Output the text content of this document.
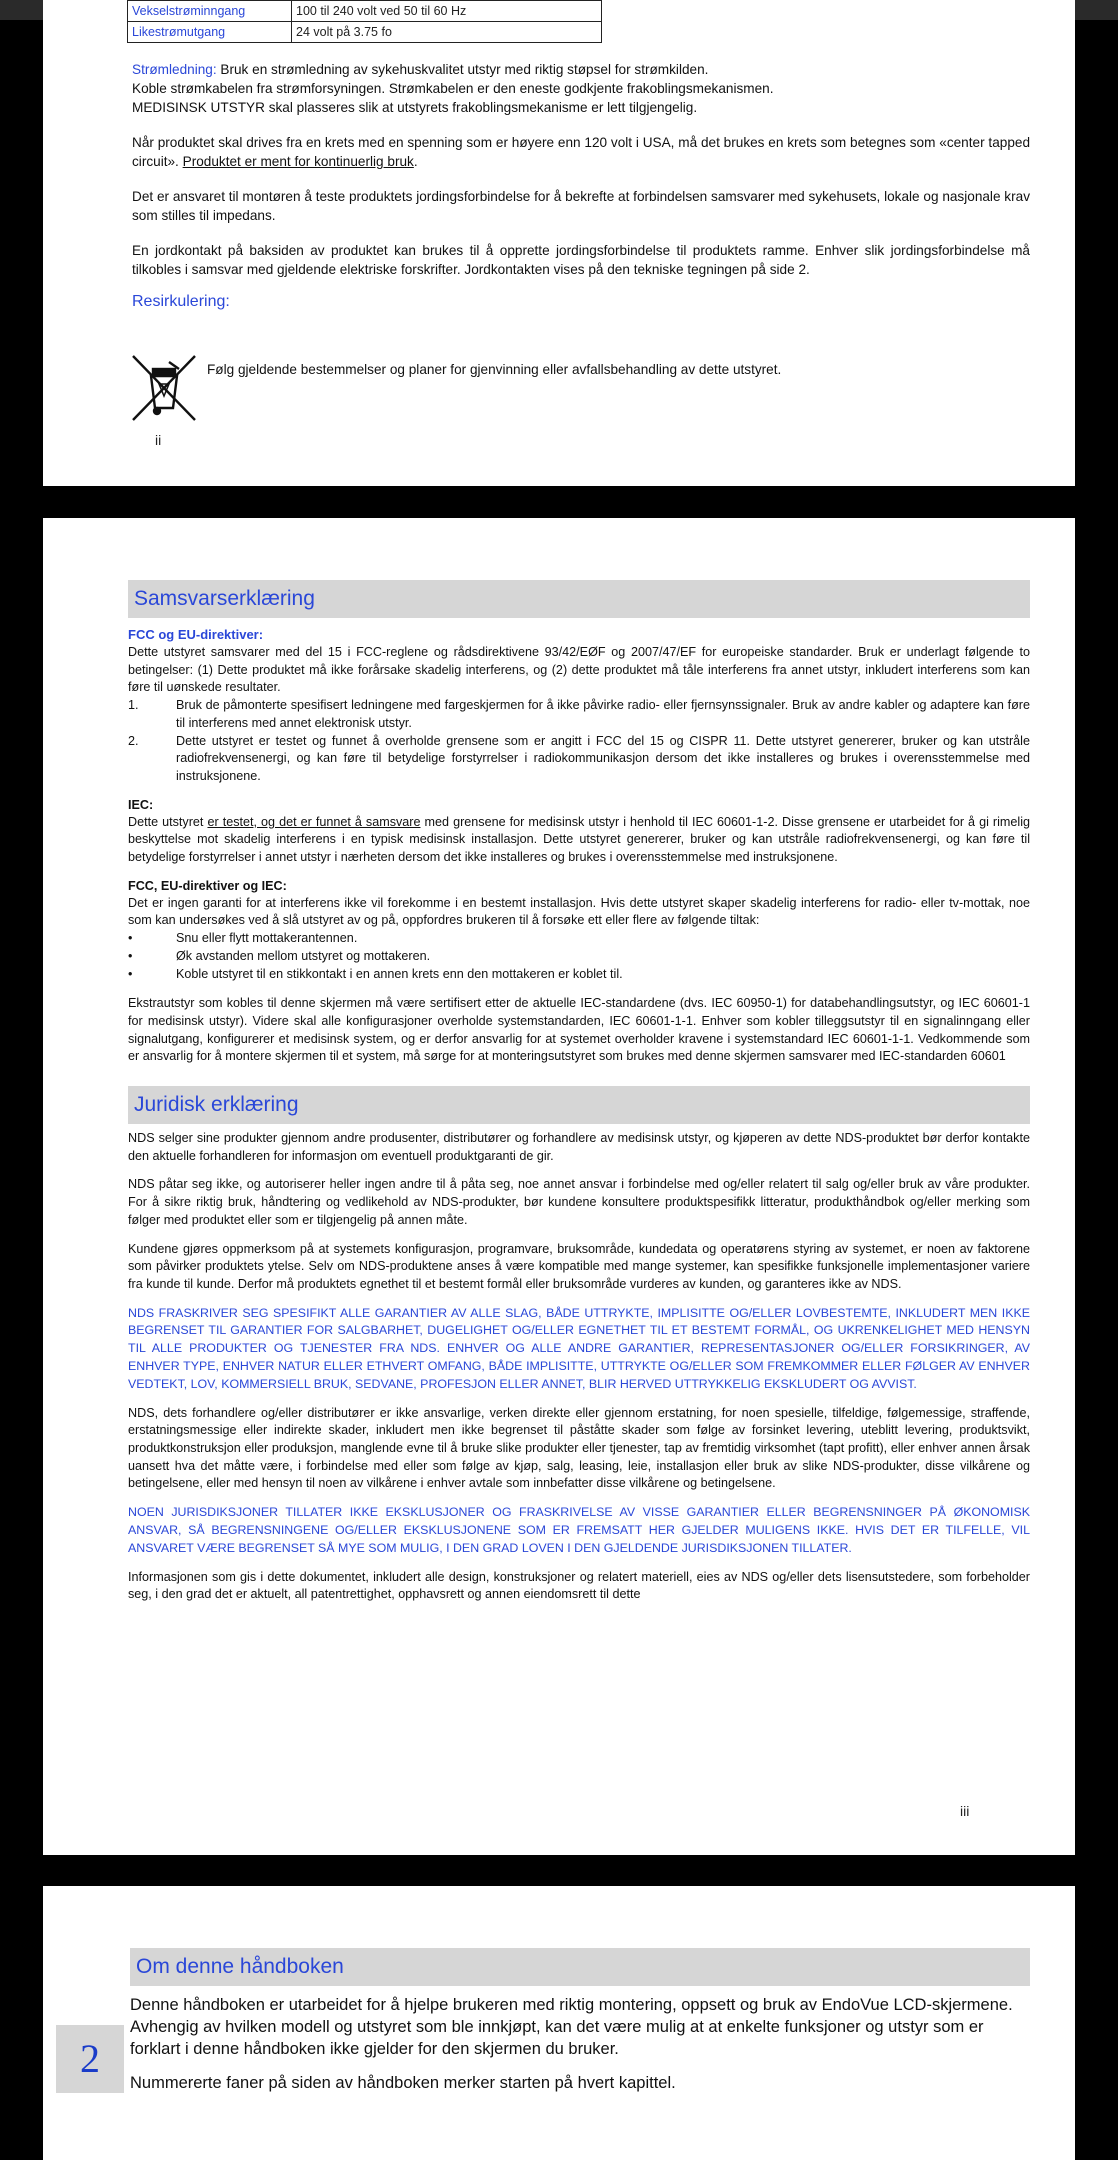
Vekselstrøminngang	100 til 240 volt ved 50 til 60 Hz
Likestrømutgang	24 volt på 3.75 fo

Strømledning: Bruk en strømledning av sykehuskvalitet utstyr med riktig støpsel for strømkilden.
Koble strømkabelen fra strømforsyningen. Strømkabelen er den eneste godkjente frakoblingsmekanismen.
MEDISINSK UTSTYR skal plasseres slik at utstyrets frakoblingsmekanisme er lett tilgjengelig.

Når produktet skal drives fra en krets med en spenning som er høyere enn 120 volt i USA, må det brukes en krets som betegnes som «center tapped circuit». Produktet er ment for kontinuerlig bruk.

Det er ansvaret til montøren å teste produktets jordingsforbindelse for å bekrefte at forbindelsen samsvarer med sykehusets, lokale og nasjonale krav som stilles til impedans.

En jordkontakt på baksiden av produktet kan brukes til å opprette jordingsforbindelse til produktets ramme. Enhver slik jordingsforbindelse må tilkobles i samsvar med gjeldende elektriske forskrifter. Jordkontakten vises på den tekniske tegningen på side 2.

Resirkulering:

Følg gjeldende bestemmelser og planer for gjenvinning eller avfallsbehandling av dette utstyret.

ii
Samsvarserklæring
FCC og EU-direktiver:

Dette utstyret samsvarer med del 15 i FCC-reglene og rådsdirektivene 93/42/EØF og 2007/47/EF for europeiske standarder. Bruk er underlagt følgende to betingelser: (1) Dette produktet må ikke forårsake skadelig interferens, og (2) dette produktet må tåle interferens fra annet utstyr, inkludert interferens som kan føre til uønskede resultater.

1.	Bruk de påmonterte spesifisert ledningene med fargeskjermen for å ikke påvirke radio- eller fjernsynssignaler. Bruk av andre kabler og adaptere kan føre til interferens med annet elektronisk utstyr.
2.	Dette utstyret er testet og funnet å overholde grensene som er angitt i FCC del 15 og CISPR 11. Dette utstyret genererer, bruker og kan utstråle radiofrekvensenergi, og kan føre til betydelige forstyrrelser i radiokommunikasjon dersom det ikke installeres og brukes i overensstemmelse med instruksjonene.
IEC:

Dette utstyret er testet, og det er funnet å samsvare med grensene for medisinsk utstyr i henhold til IEC 60601-1-2. Disse grensene er utarbeidet for å gi rimelig beskyttelse mot skadelig interferens i en typisk medisinsk installasjon. Dette utstyret genererer, bruker og kan utstråle radiofrekvensenergi, og kan føre til betydelige forstyrrelser i annet utstyr i nærheten dersom det ikke installeres og brukes i overensstemmelse med instruksjonene.

FCC, EU-direktiver og IEC:

Det er ingen garanti for at interferens ikke vil forekomme i en bestemt installasjon. Hvis dette utstyret skaper skadelig interferens for radio- eller tv-mottak, noe som kan undersøkes ved å slå utstyret av og på, oppfordres brukeren til å forsøke ett eller flere av følgende tiltak:

•	Snu eller flytt mottakerantennen.
•	Øk avstanden mellom utstyret og mottakeren.
•	Koble utstyret til en stikkontakt i en annen krets enn den mottakeren er koblet til.

Ekstrautstyr som kobles til denne skjermen må være sertifisert etter de aktuelle IEC-standardene (dvs. IEC 60950-1) for databehandlingsutstyr, og IEC 60601-1 for medisinsk utstyr). Videre skal alle konfigurasjoner overholde systemstandarden, IEC 60601-1-1. Enhver som kobler tilleggsutstyr til en signalinngang eller signalutgang, konfigurerer et medisinsk system, og er derfor ansvarlig for at systemet overholder kravene i systemstandard IEC 60601-1-1. Vedkommende som er ansvarlig for å montere skjermen til et system, må sørge for at monteringsutstyret som brukes med denne skjermen samsvarer med IEC-standarden 60601

Juridisk erklæring

NDS selger sine produkter gjennom andre produsenter, distributører og forhandlere av medisinsk utstyr, og kjøperen av dette NDS-produktet bør derfor kontakte den aktuelle forhandleren for informasjon om eventuell produktgaranti de gir.

NDS påtar seg ikke, og autoriserer heller ingen andre til å påta seg, noe annet ansvar i forbindelse med og/eller relatert til salg og/eller bruk av våre produkter. For å sikre riktig bruk, håndtering og vedlikehold av NDS-produkter, bør kundene konsultere produktspesifikk litteratur, produkthåndbok og/eller merking som følger med produktet eller som er tilgjengelig på annen måte.

Kundene gjøres oppmerksom på at systemets konfigurasjon, programvare, bruksområde, kundedata og operatørens styring av systemet, er noen av faktorene som påvirker produktets ytelse. Selv om NDS-produktene anses å være kompatible med mange systemer, kan spesifikke funksjonelle implementasjoner variere fra kunde til kunde. Derfor må produktets egnethet til et bestemt formål eller bruksområde vurderes av kunden, og garanteres ikke av NDS.

NDS FRASKRIVER SEG SPESIFIKT ALLE GARANTIER AV ALLE SLAG, BÅDE UTTRYKTE, IMPLISITTE OG/ELLER LOVBESTEMTE, INKLUDERT MEN IKKE BEGRENSET TIL GARANTIER FOR SALGBARHET, DUGELIGHET OG/ELLER EGNETHET TIL ET BESTEMT FORMÅL, OG UKRENKELIGHET MED HENSYN TIL ALLE PRODUKTER OG TJENESTER FRA NDS. ENHVER OG ALLE ANDRE GARANTIER, REPRESENTASJONER OG/ELLER FORSIKRINGER, AV ENHVER TYPE, ENHVER NATUR ELLER ETHVERT OMFANG, BÅDE IMPLISITTE, UTTRYKTE OG/ELLER SOM FREMKOMMER ELLER FØLGER AV ENHVER VEDTEKT, LOV, KOMMERSIELL BRUK, SEDVANE, PROFESJON ELLER ANNET, BLIR HERVED UTTRYKKELIG EKSKLUDERT OG AVVIST.

NDS, dets forhandlere og/eller distributører er ikke ansvarlige, verken direkte eller gjennom erstatning, for noen spesielle, tilfeldige, følgemessige, straffende, erstatningsmessige eller indirekte skader, inkludert men ikke begrenset til påståtte skader som følge av forsinket levering, uteblitt levering, produktsvikt, produktkonstruksjon eller produksjon, manglende evne til å bruke slike produkter eller tjenester, tap av fremtidig virksomhet (tapt profitt), eller enhver annen årsak uansett hva det måtte være, i forbindelse med eller som følge av kjøp, salg, leasing, leie, installasjon eller bruk av slike NDS-produkter, disse vilkårene og betingelsene, eller med hensyn til noen av vilkårene i enhver avtale som innbefatter disse vilkårene og betingelsene.

NOEN JURISDIKSJONER TILLATER IKKE EKSKLUSJONER OG FRASKRIVELSE AV VISSE GARANTIER ELLER BEGRENSNINGER PÅ ØKONOMISK ANSVAR, SÅ BEGRENSNINGENE OG/ELLER EKSKLUSJONENE SOM ER FREMSATT HER GJELDER MULIGENS IKKE. HVIS DET ER TILFELLE, VIL ANSVARET VÆRE BEGRENSET SÅ MYE SOM MULIG, I DEN GRAD LOVEN I DEN GJELDENDE JURISDIKSJONEN TILLATER.

Informasjonen som gis i dette dokumentet, inkludert alle design, konstruksjoner og relatert materiell, eies av NDS og/eller dets lisensutstedere, som forbeholder seg, i den grad det er aktuelt, all patentrettighet, opphavsrett og annen eiendomsrett til dette

iii
2
Om denne håndboken

Denne håndboken er utarbeidet for å hjelpe brukeren med riktig montering, oppsett og bruk av EndoVue LCD-skjermene. Avhengig av hvilken modell og utstyret som ble innkjøpt, kan det være mulig at at enkelte funksjoner og utstyr som er forklart i denne håndboken ikke gjelder for den skjermen du bruker.

Nummererte faner på siden av håndboken merker starten på hvert kapittel.
